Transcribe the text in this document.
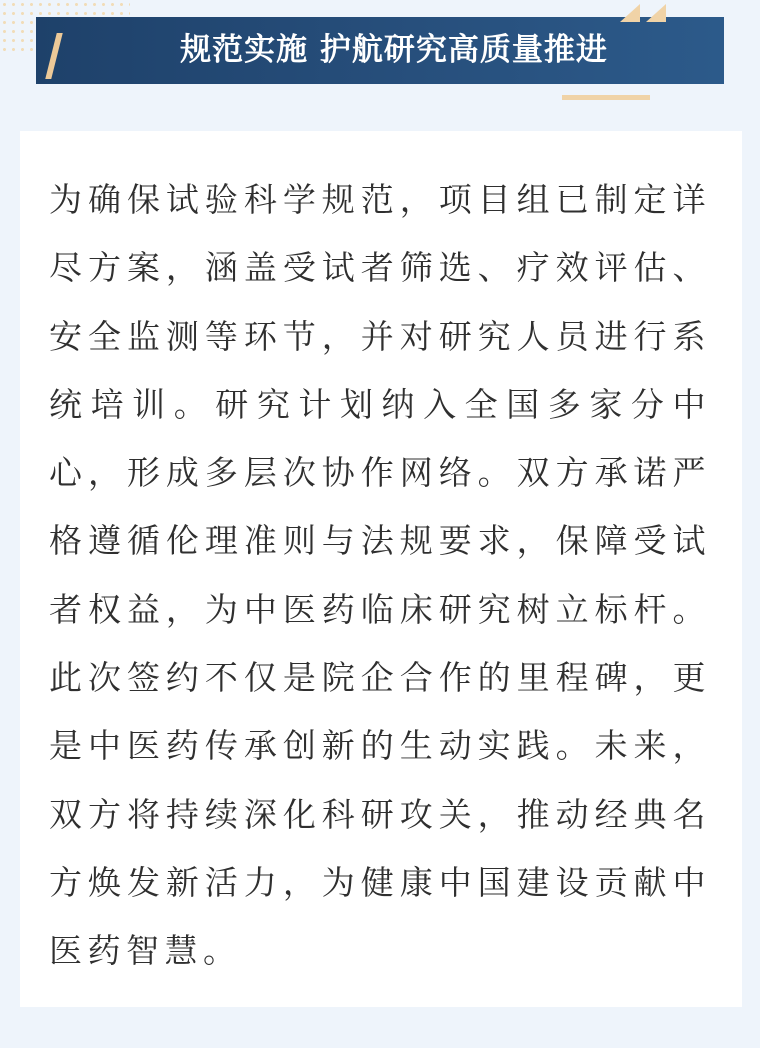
规范实施 护航研究高质量推进

为确保试验科学规范，项目组已制定详尽方案，涵盖受试者筛选、疗效评估、安全监测等环节，并对研究人员进行系统培训。研究计划纳入全国多家分中心，形成多层次协作网络。双方承诺严格遵循伦理准则与法规要求，保障受试者权益，为中医药临床研究树立标杆。此次签约不仅是院企合作的里程碑，更是中医药传承创新的生动实践。未来，双方将持续深化科研攻关，推动经典名方焕发新活力，为健康中国建设贡献中医药智慧。
